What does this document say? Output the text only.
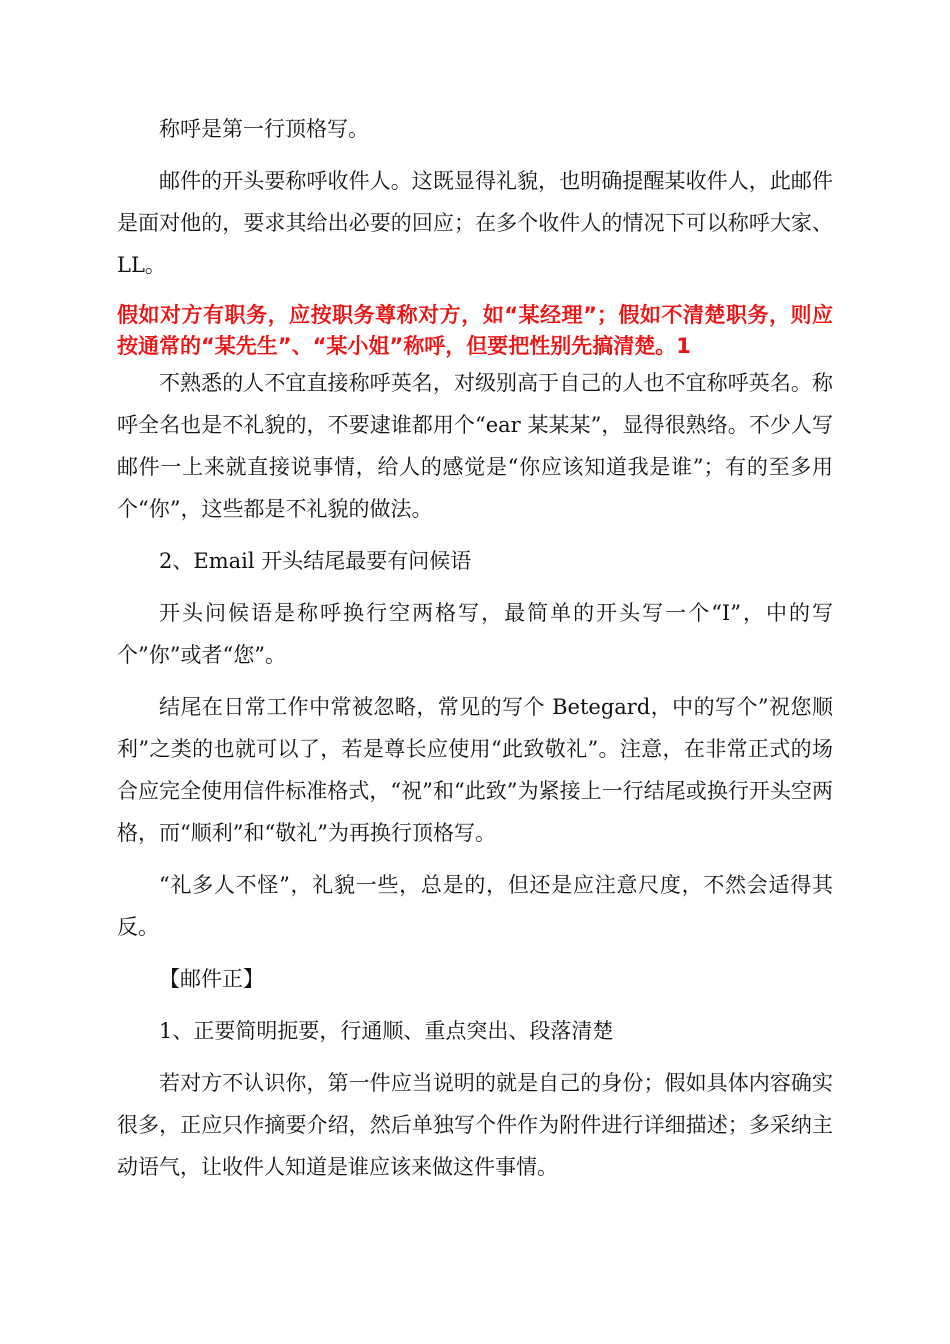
称呼是第一行顶格写。

邮件的开头要称呼收件人。这既显得礼貌，也明确提醒某收件人，此邮件是面对他的，要求其给出必要的回应；在多个收件人的情况下可以称呼大家、LL。

假如对方有职务，应按职务尊称对方，如“某经理”；假如不清楚职务，则应按通常的“某先生”、“某小姐”称呼，但要把性别先搞清楚。1

不熟悉的人不宜直接称呼英名，对级别高于自己的人也不宜称呼英名。称呼全名也是不礼貌的，不要逮谁都用个“ear 某某某”，显得很熟络。不少人写邮件一上来就直接说事情，给人的感觉是“你应该知道我是谁”；有的至多用个“你”，这些都是不礼貌的做法。

2、Email 开头结尾最要有问候语

开头问候语是称呼换行空两格写，最简单的开头写一个“I”，中的写个”你”或者“您”。

结尾在日常工作中常被忽略，常见的写个 Betegard，中的写个”祝您顺利”之类的也就可以了，若是尊长应使用“此致敬礼”。注意，在非常正式的场合应完全使用信件标准格式，“祝”和“此致”为紧接上一行结尾或换行开头空两格，而“顺利”和“敬礼”为再换行顶格写。

“礼多人不怪”，礼貌一些，总是的，但还是应注意尺度，不然会适得其反。

【邮件正】

1、正要简明扼要，行通顺、重点突出、段落清楚

若对方不认识你，第一件应当说明的就是自己的身份；假如具体内容确实很多，正应只作摘要介绍，然后单独写个件作为附件进行详细描述；多采纳主动语气，让收件人知道是谁应该来做这件事情。
